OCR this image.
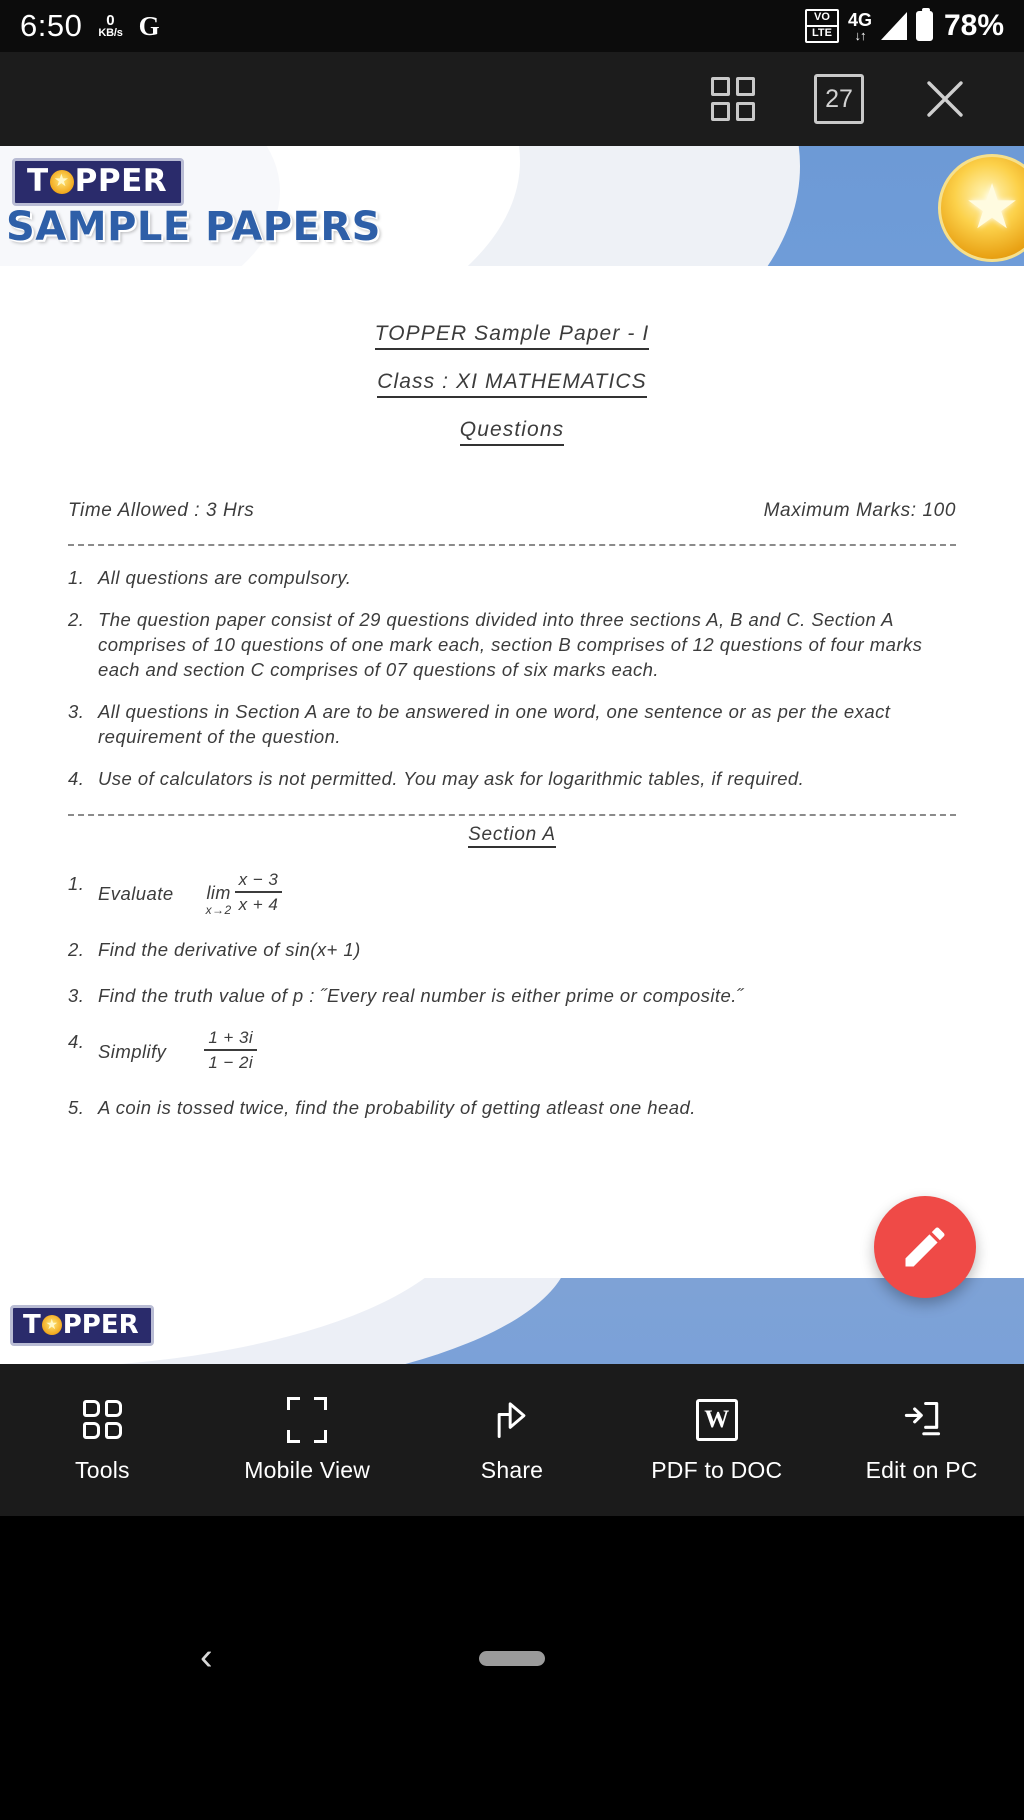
6:50 0
KB/s G	VO
LTE
4G
↓↑	78%
27
T ★ PPER
SAMPLE PAPERS
★
TOPPER Sample Paper - I
Class : XI MATHEMATICS
Questions
Time Allowed : 3 Hrs	Maximum Marks: 100
1. All questions are compulsory.
2. The question paper consist of 29 questions divided into three sections A, B and C. Section A comprises of 10 questions of one mark each, section B comprises of 12 questions of four marks each and section C comprises of 07 questions of six marks each.
3. All questions in Section A are to be answered in one word, one sentence or as per the exact requirement of the question.
4. Use of calculators is not permitted. You may ask for logarithmic tables, if required.
Section A
1. Evaluate lim
$x\to 2 \frac{x - 3}{x + 4}$
2. Find the derivative of sin(x+ 1)
3. Find the truth value of p : ˝Every real number is either prime or composite.˝
4. Simplify $\frac{1 + 3i}{1 - 2i}$
5. A coin is tossed twice, find the probability of getting atleast one head.
T ★ PPER
Tools	Mobile View	Share
W
PDF to DOC	Edit on PC
‹
